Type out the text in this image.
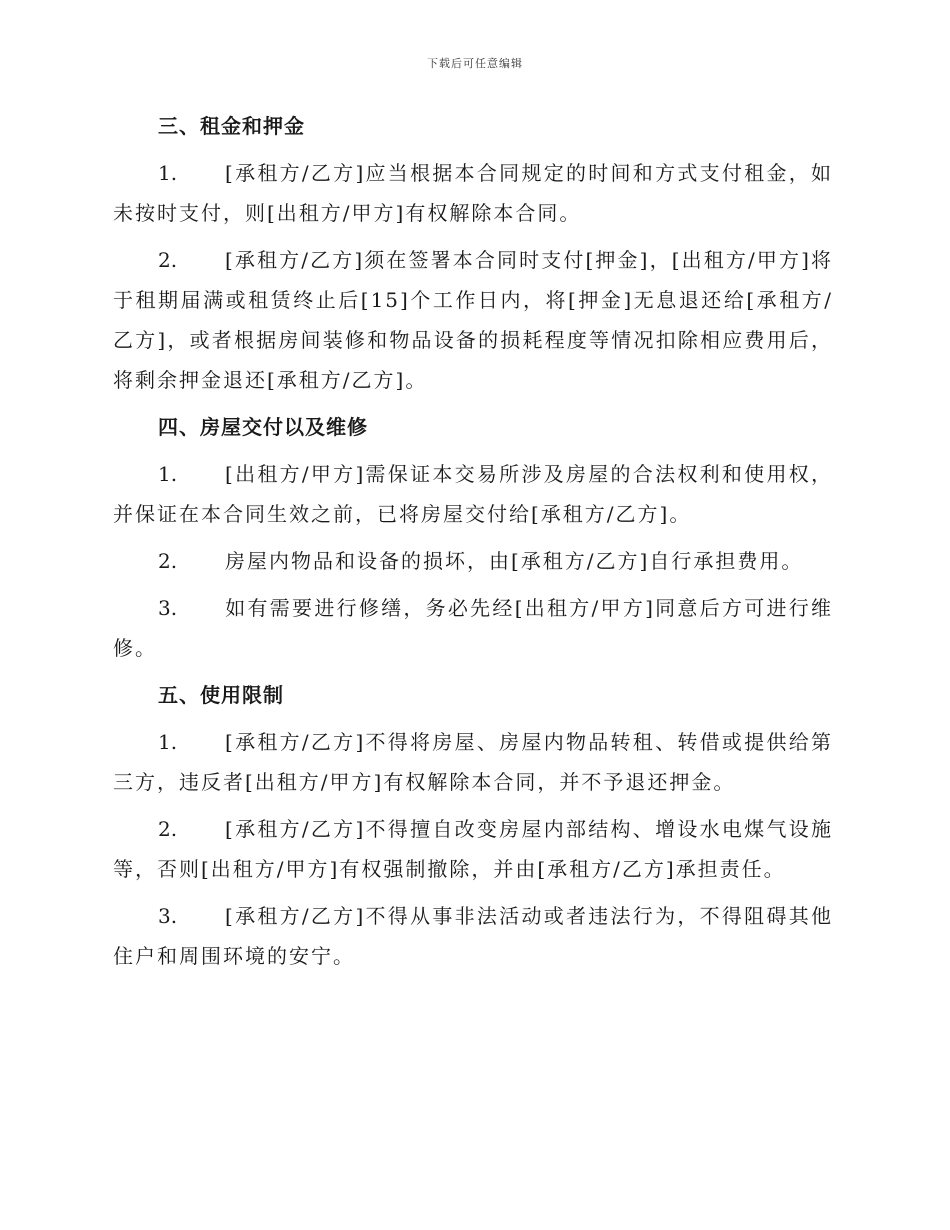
下载后可任意编辑
三、租金和押金
1. [承租方/乙方]应当根据本合同规定的时间和方式支付租金，如未按时支付，则[出租方/甲方]有权解除本合同。
2. [承租方/乙方]须在签署本合同时支付[押金]，[出租方/甲方]将于租期届满或租赁终止后[15]个工作日内，将[押金]无息退还给[承租方/乙方]，或者根据房间装修和物品设备的损耗程度等情况扣除相应费用后，将剩余押金退还[承租方/乙方]。
四、房屋交付以及维修
1. [出租方/甲方]需保证本交易所涉及房屋的合法权利和使用权，并保证在本合同生效之前，已将房屋交付给[承租方/乙方]。
2. 房屋内物品和设备的损坏，由[承租方/乙方]自行承担费用。
3. 如有需要进行修缮，务必先经[出租方/甲方]同意后方可进行维修。
五、使用限制
1. [承租方/乙方]不得将房屋、房屋内物品转租、转借或提供给第三方，违反者[出租方/甲方]有权解除本合同，并不予退还押金。
2. [承租方/乙方]不得擅自改变房屋内部结构、增设水电煤气设施等，否则[出租方/甲方]有权强制撤除，并由[承租方/乙方]承担责任。
3. [承租方/乙方]不得从事非法活动或者违法行为，不得阻碍其他住户和周围环境的安宁。
